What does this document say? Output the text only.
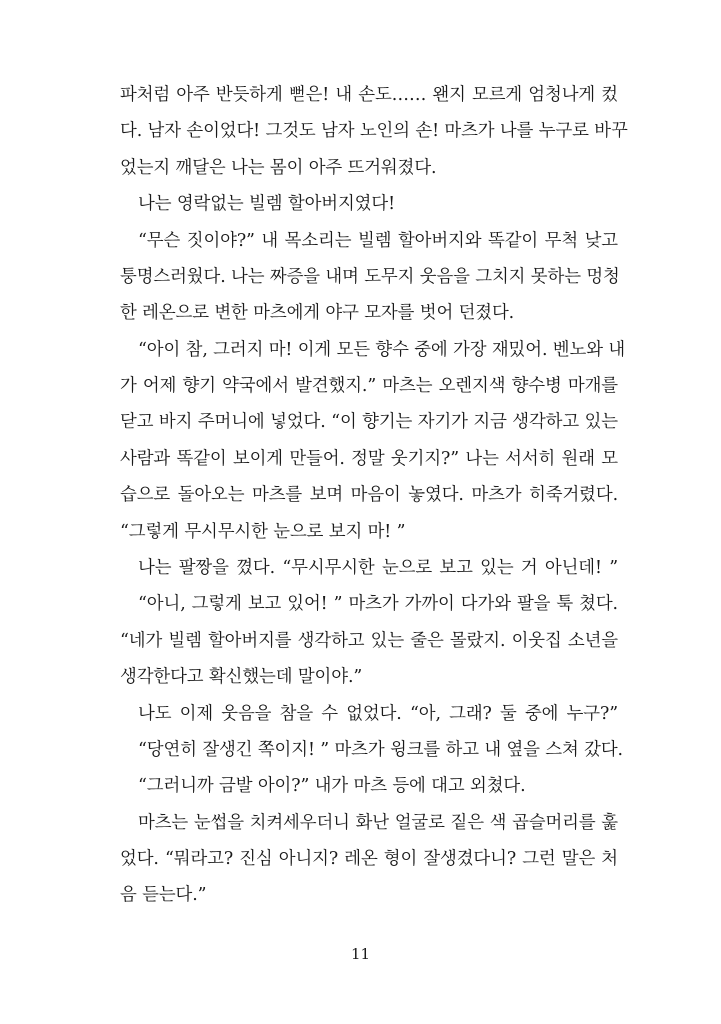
파처럼 아주 반듯하게 뻗은! 내 손도…… 왠지 모르게 엄청나게 컸
다. 남자 손이었다! 그것도 남자 노인의 손! 마츠가 나를 누구로 바꾸
었는지 깨달은 나는 몸이 아주 뜨거워졌다.
나는 영락없는 빌렘 할아버지였다!
“무슨 짓이야?” 내 목소리는 빌렘 할아버지와 똑같이 무척 낮고
퉁명스러웠다. 나는 짜증을 내며 도무지 웃음을 그치지 못하는 멍청
한 레온으로 변한 마츠에게 야구 모자를 벗어 던졌다.
“아이 참, 그러지 마! 이게 모든 향수 중에 가장 재밌어. 벤노와 내
가 어제 향기 약국에서 발견했지.” 마츠는 오렌지색 향수병 마개를
닫고 바지 주머니에 넣었다. “이 향기는 자기가 지금 생각하고 있는
사람과 똑같이 보이게 만들어. 정말 웃기지?” 나는 서서히 원래 모
습으로 돌아오는 마츠를 보며 마음이 놓였다. 마츠가 히죽거렸다.
“그렇게 무시무시한 눈으로 보지 마! ”
나는 팔짱을 꼈다. “무시무시한 눈으로 보고 있는 거 아닌데! ”
“아니, 그렇게 보고 있어! ” 마츠가 가까이 다가와 팔을 툭 쳤다.
“네가 빌렘 할아버지를 생각하고 있는 줄은 몰랐지. 이웃집 소년을
생각한다고 확신했는데 말이야.”
나도 이제 웃음을 참을 수 없었다. “아, 그래? 둘 중에 누구?”
“당연히 잘생긴 쪽이지! ” 마츠가 윙크를 하고 내 옆을 스쳐 갔다.
“그러니까 금발 아이?” 내가 마츠 등에 대고 외쳤다.
마츠는 눈썹을 치켜세우더니 화난 얼굴로 짙은 색 곱슬머리를 훑
었다. “뭐라고? 진심 아니지? 레온 형이 잘생겼다니? 그런 말은 처
음 듣는다.”
11
